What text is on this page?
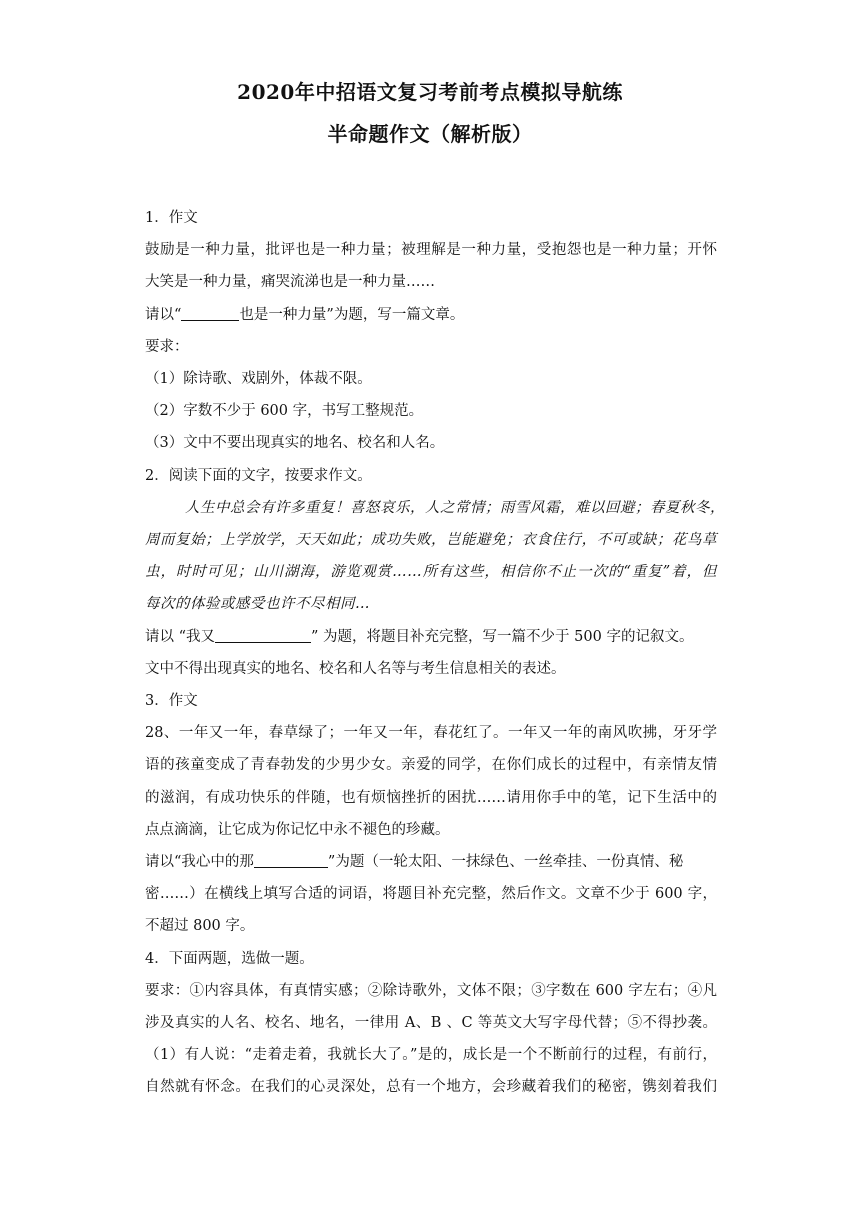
2020年中招语文复习考前考点模拟导航练
半命题作文（解析版）

1．作文

鼓励是一种力量，批评也是一种力量；被理解是一种力量，受抱怨也是一种力量；开怀

大笑是一种力量，痛哭流涕也是一种力量……

请以“	也是一种力量”为题，写一篇文章。

要求：

（1）除诗歌、戏剧外，体裁不限。

（2）字数不少于 600 字，书写工整规范。

（3）文中不要出现真实的地名、校名和人名。

2．阅读下面的文字，按要求作文。

人生中总会有许多重复！喜怒哀乐，人之常情；雨雪风霜，难以回避；春夏秋冬，

周而复始；上学放学，天天如此；成功失败，岂能避免；衣食住行，不可或缺；花鸟草

虫，时时可见；山川湖海，游览观赏……所有这些，相信你不止一次的“重复”着，但

每次的体验或感受也许不尽相同…

请以 “我又	” 为题，将题目补充完整，写一篇不少于 500 字的记叙文。

文中不得出现真实的地名、校名和人名等与考生信息相关的表述。

3．作文

28、一年又一年，春草绿了；一年又一年，春花红了。一年又一年的南风吹拂，牙牙学

语的孩童变成了青春勃发的少男少女。亲爱的同学，在你们成长的过程中，有亲情友情

的滋润，有成功快乐的伴随，也有烦恼挫折的困扰……请用你手中的笔，记下生活中的

点点滴滴，让它成为你记忆中永不褪色的珍藏。

请以“我心中的那	”为题（一轮太阳、一抹绿色、一丝牵挂、一份真情、秘

密……）在横线上填写合适的词语，将题目补充完整，然后作文。文章不少于 600 字，

不超过 800 字。

4．下面两题，选做一题。

要求：①内容具体，有真情实感；②除诗歌外，文体不限；③字数在 600 字左右；④凡

涉及真实的人名、校名、地名，一律用 A、B 、C 等英文大写字母代替；⑤不得抄袭。

（1）有人说：“走着走着，我就长大了。”是的，成长是一个不断前行的过程，有前行，

自然就有怀念。在我们的心灵深处，总有一个地方，会珍藏着我们的秘密，镌刻着我们
